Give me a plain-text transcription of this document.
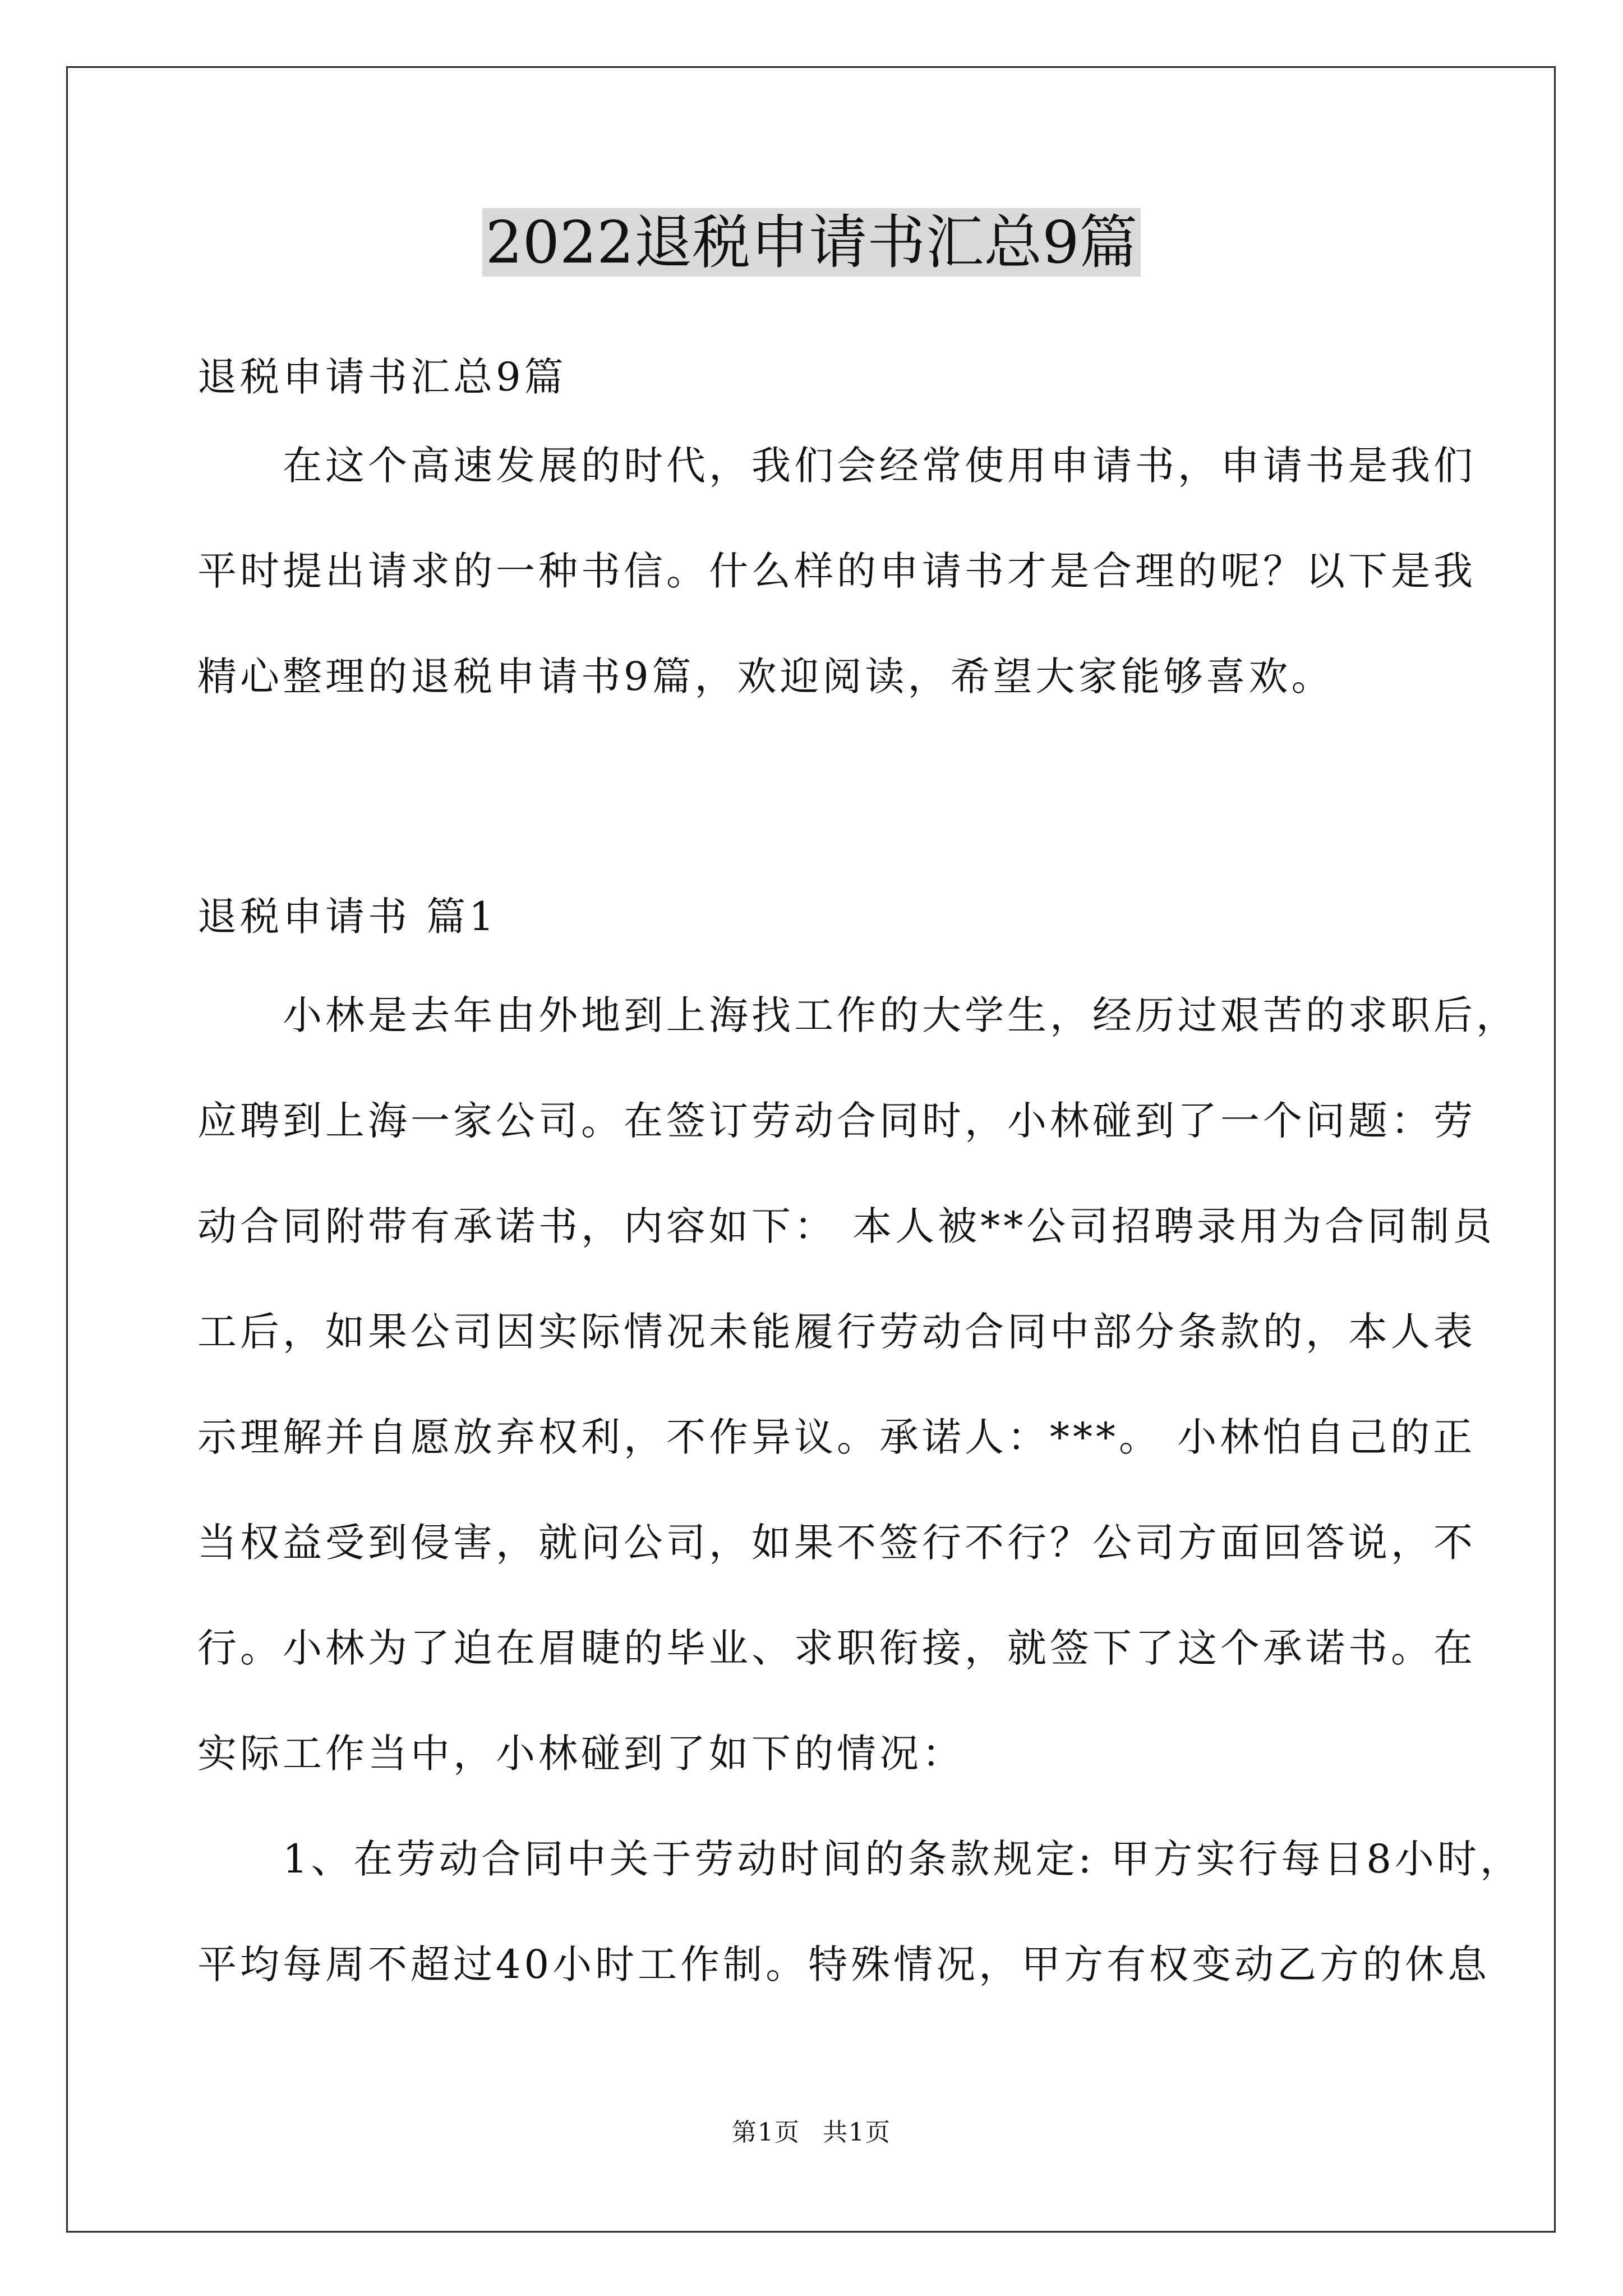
2022退税申请书汇总9篇
退税申请书汇总9篇
　　在这个高速发展的时代，我们会经常使用申请书，申请书是我们
平时提出请求的一种书信。什么样的申请书才是合理的呢？以下是我
精心整理的退税申请书9篇，欢迎阅读，希望大家能够喜欢。
退税申请书 篇1
　　小林是去年由外地到上海找工作的大学生，经历过艰苦的求职后，
应聘到上海一家公司。在签订劳动合同时，小林碰到了一个问题：劳
动合同附带有承诺书，内容如下： 本人被**公司招聘录用为合同制员
工后，如果公司因实际情况未能履行劳动合同中部分条款的，本人表
示理解并自愿放弃权利，不作异议。承诺人：***。 小林怕自己的正
当权益受到侵害，就问公司，如果不签行不行？公司方面回答说，不
行。小林为了迫在眉睫的毕业、求职衔接，就签下了这个承诺书。在
实际工作当中，小林碰到了如下的情况：
　　1、在劳动合同中关于劳动时间的条款规定: 甲方实行每日8小时，
平均每周不超过40小时工作制。特殊情况，甲方有权变动乙方的休息
第1页 共1页
